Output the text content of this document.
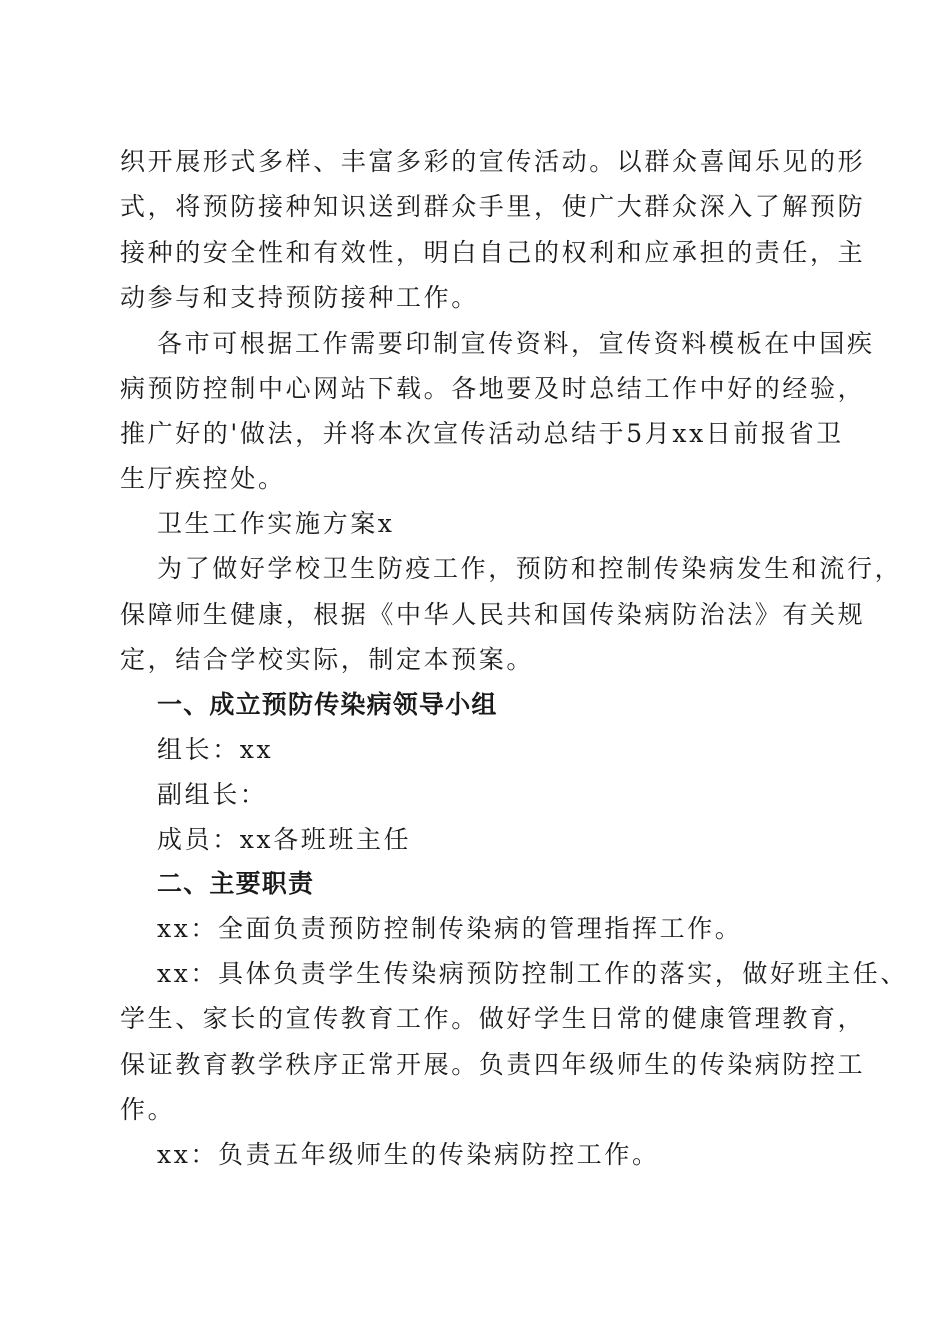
织开展形式多样、丰富多彩的宣传活动。以群众喜闻乐见的形
式，将预防接种知识送到群众手里，使广大群众深入了解预防
接种的安全性和有效性，明白自己的权利和应承担的责任，主
动参与和支持预防接种工作。
各市可根据工作需要印制宣传资料，宣传资料模板在中国疾
病预防控制中心网站下载。各地要及时总结工作中好的经验，
推广好的'做法，并将本次宣传活动总结于5月xx日前报省卫
生厅疾控处。
卫生工作实施方案x
为了做好学校卫生防疫工作，预防和控制传染病发生和流行，
保障师生健康，根据《中华人民共和国传染病防治法》有关规
定，结合学校实际，制定本预案。
一、成立预防传染病领导小组
组长：xx
副组长：
成员：xx各班班主任
二、主要职责
xx：全面负责预防控制传染病的管理指挥工作。
xx：具体负责学生传染病预防控制工作的落实，做好班主任、
学生、家长的宣传教育工作。做好学生日常的健康管理教育，
保证教育教学秩序正常开展。负责四年级师生的传染病防控工
作。
xx：负责五年级师生的传染病防控工作。
